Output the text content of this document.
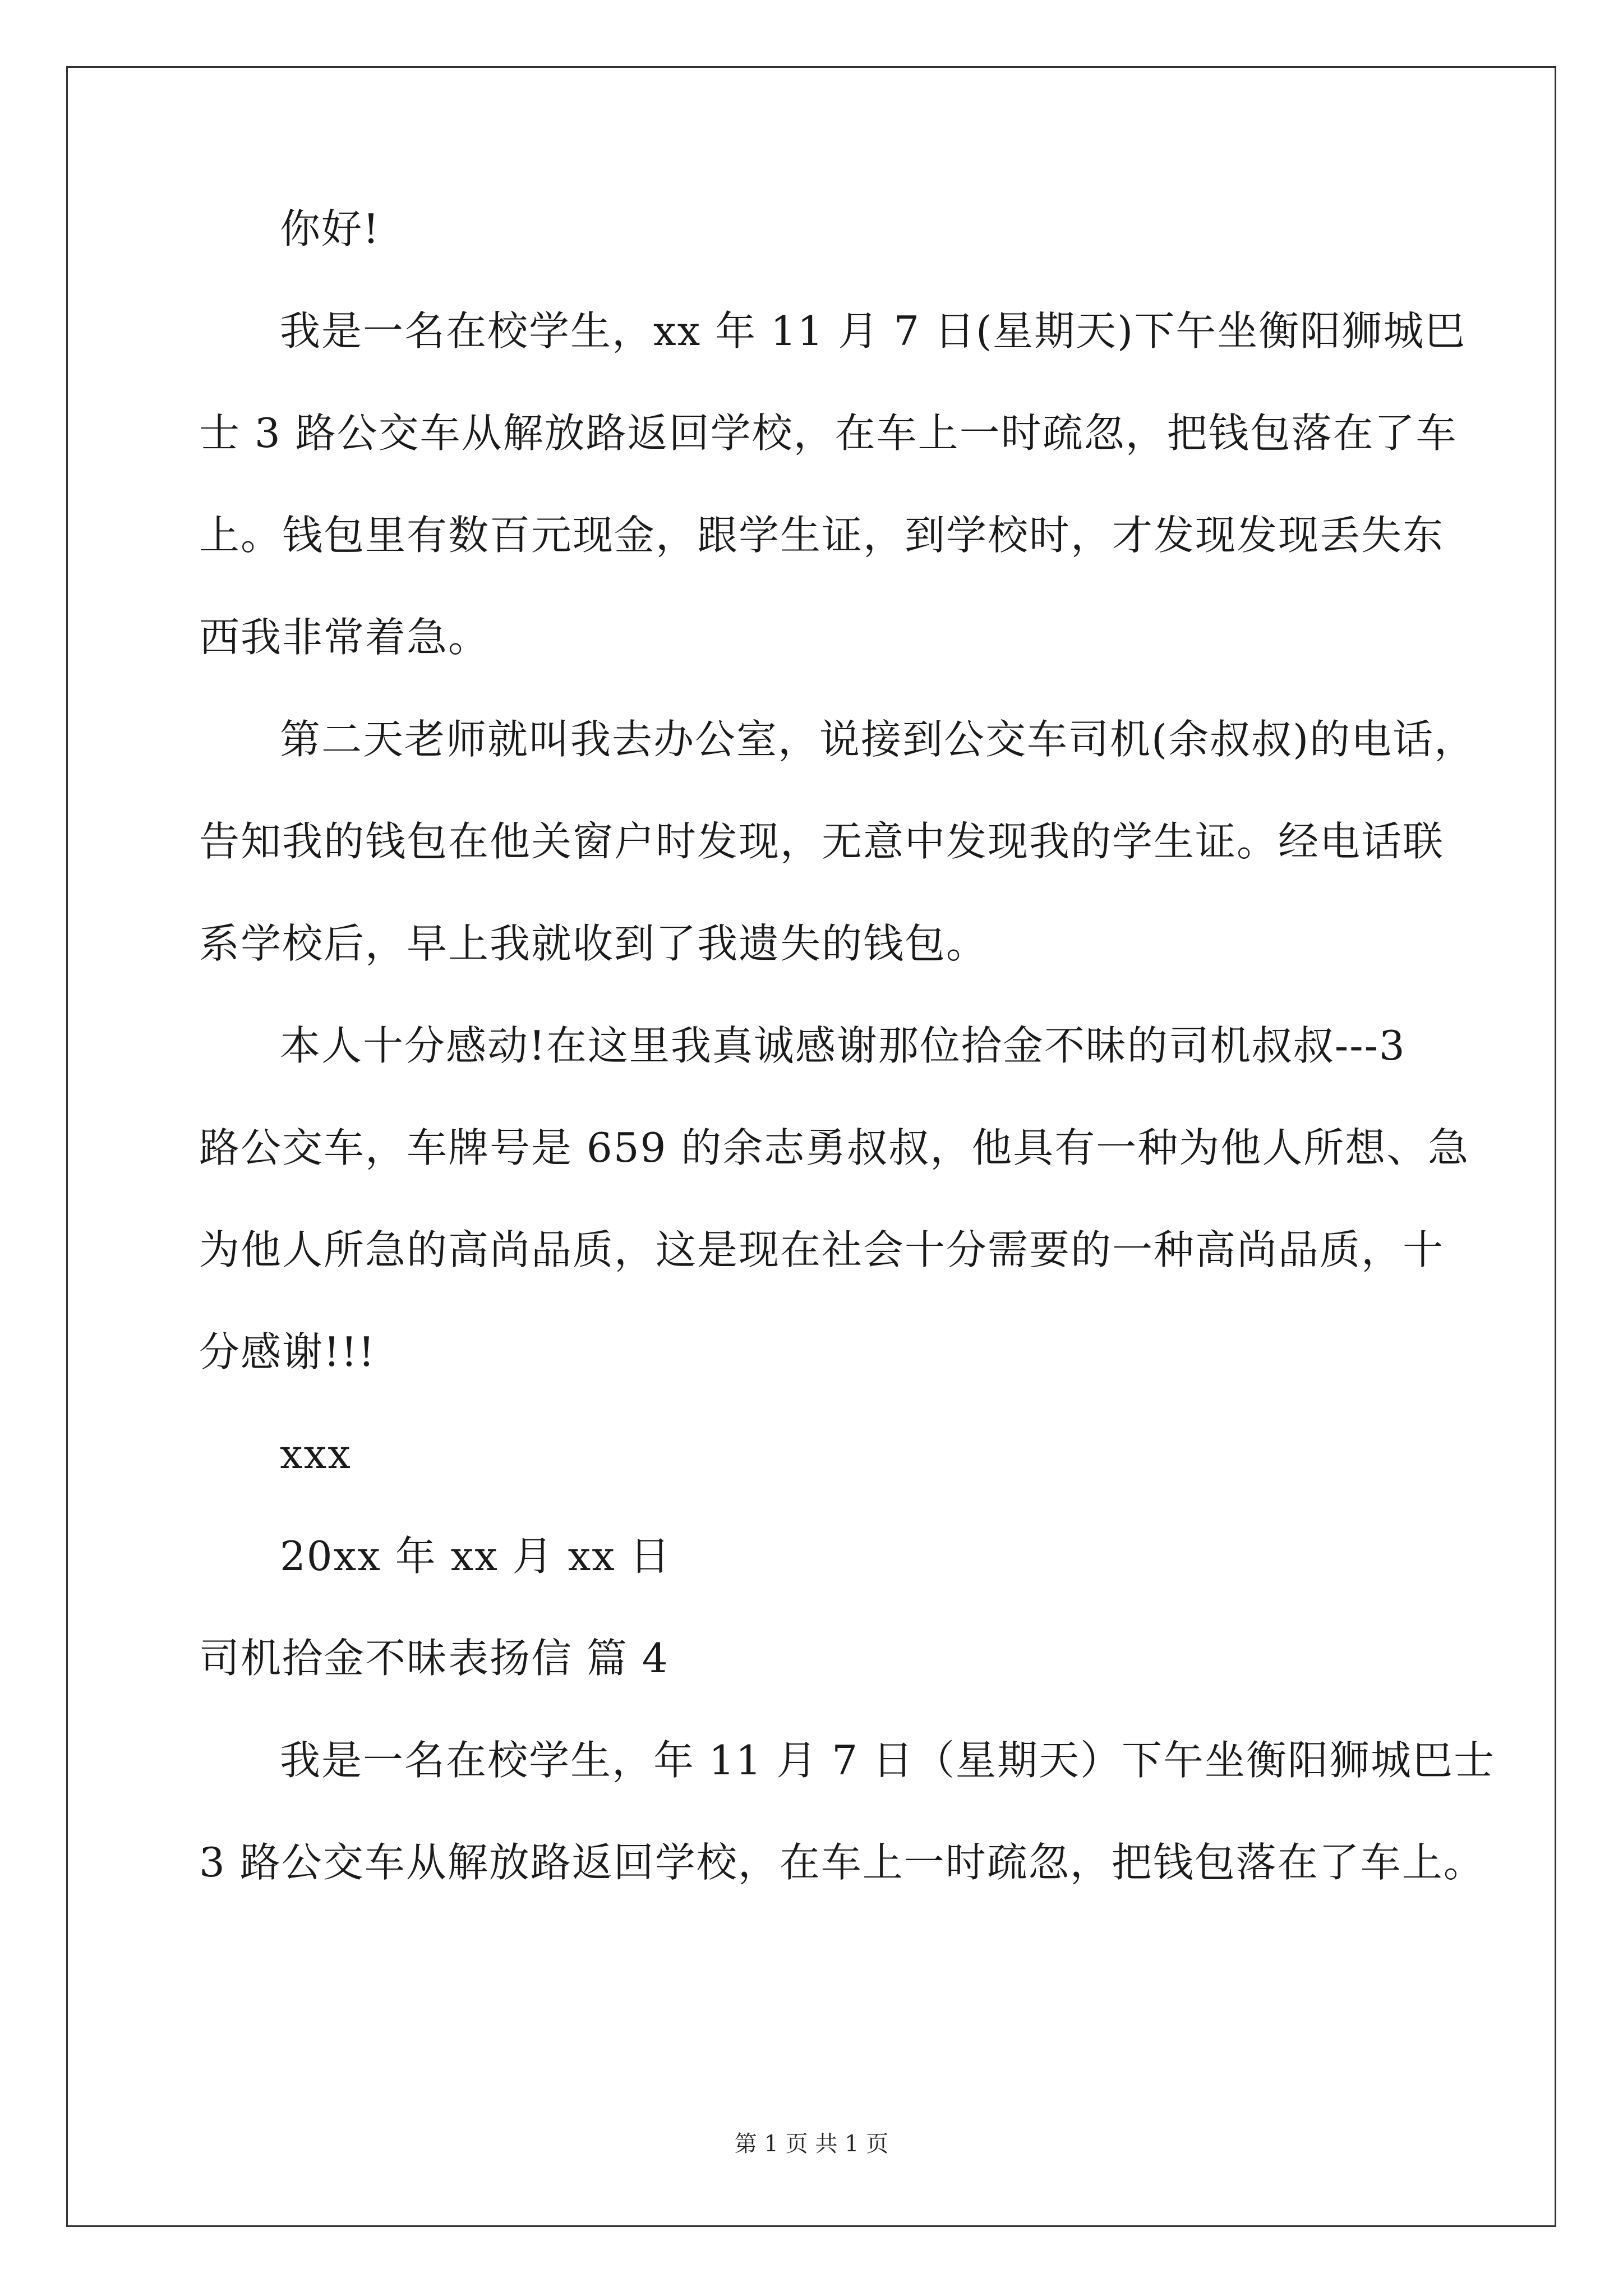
你好!
我是一名在校学生，xx 年 11 月 7 日(星期天)下午坐衡阳狮城巴
士 3 路公交车从解放路返回学校，在车上一时疏忽，把钱包落在了车
上。钱包里有数百元现金，跟学生证，到学校时，才发现发现丢失东
西我非常着急。
第二天老师就叫我去办公室，说接到公交车司机(余叔叔)的电话，
告知我的钱包在他关窗户时发现，无意中发现我的学生证。经电话联
系学校后，早上我就收到了我遗失的钱包。
本人十分感动!在这里我真诚感谢那位拾金不昧的司机叔叔---3
路公交车，车牌号是 659 的余志勇叔叔，他具有一种为他人所想、急
为他人所急的高尚品质，这是现在社会十分需要的一种高尚品质，十
分感谢!!!
xxx
20xx 年 xx 月 xx 日
司机拾金不昧表扬信 篇 4
我是一名在校学生，年 11 月 7 日（星期天）下午坐衡阳狮城巴士
3 路公交车从解放路返回学校，在车上一时疏忽，把钱包落在了车上。
第 1 页 共 1 页
